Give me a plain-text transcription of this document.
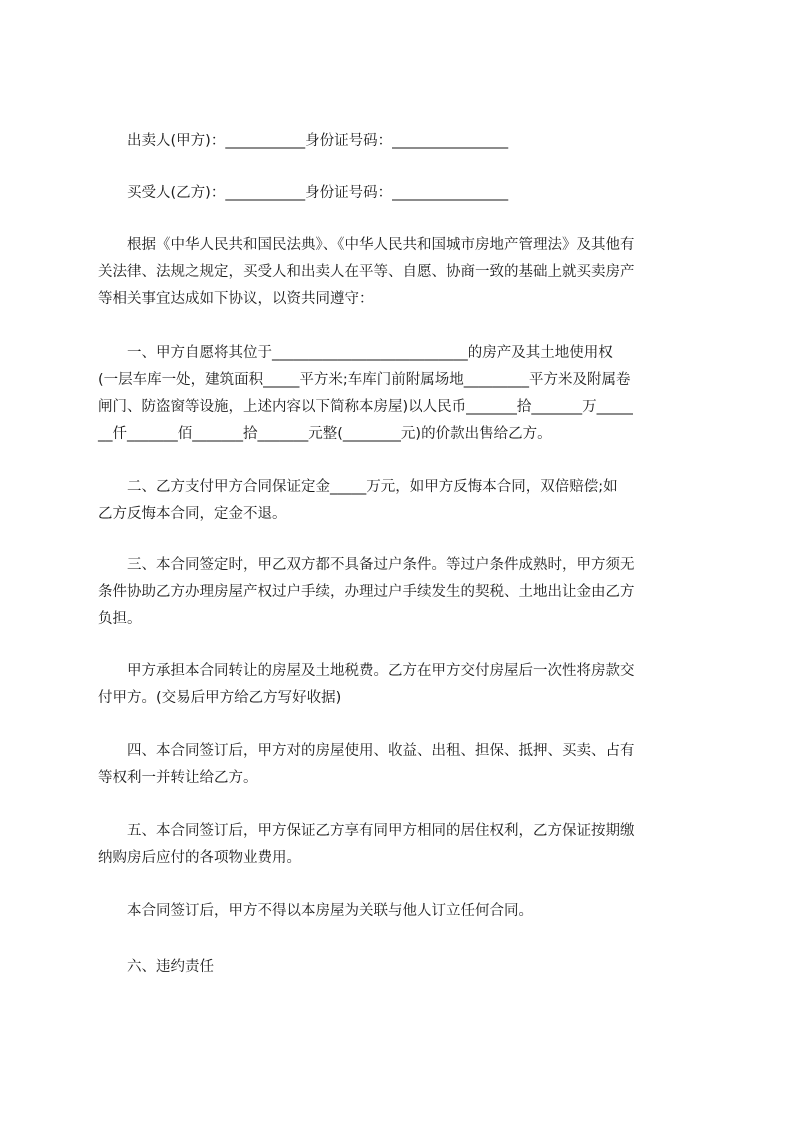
出卖人(甲方)：___________身份证号码：________________

买受人(乙方)：___________身份证号码：________________

根据《中华人民共和国民法典》、《中华人民共和国城市房地产管理法》及其他有
关法律、法规之规定，买受人和出卖人在平等、自愿、协商一致的基础上就买卖房产
等相关事宜达成如下协议，以资共同遵守：

一、甲方自愿将其位于___________________________的房产及其土地使用权
(一层车库一处，建筑面积_____平方米;车库门前附属场地_________平方米及附属卷
闸门、防盗窗等设施，上述内容以下简称本房屋)以人民币_______拾_______万_____
__仟_______佰_______拾_______元整(________元)的价款出售给乙方。

二、乙方支付甲方合同保证定金_____万元，如甲方反悔本合同，双倍赔偿;如
乙方反悔本合同，定金不退。

三、本合同签定时，甲乙双方都不具备过户条件。等过户条件成熟时，甲方须无
条件协助乙方办理房屋产权过户手续，办理过户手续发生的契税、土地出让金由乙方
负担。

甲方承担本合同转让的房屋及土地税费。乙方在甲方交付房屋后一次性将房款交
付甲方。(交易后甲方给乙方写好收据)

四、本合同签订后，甲方对的房屋使用、收益、出租、担保、抵押、买卖、占有
等权利一并转让给乙方。

五、本合同签订后，甲方保证乙方享有同甲方相同的居住权利，乙方保证按期缴
纳购房后应付的各项物业费用。

本合同签订后，甲方不得以本房屋为关联与他人订立任何合同。

六、违约责任
